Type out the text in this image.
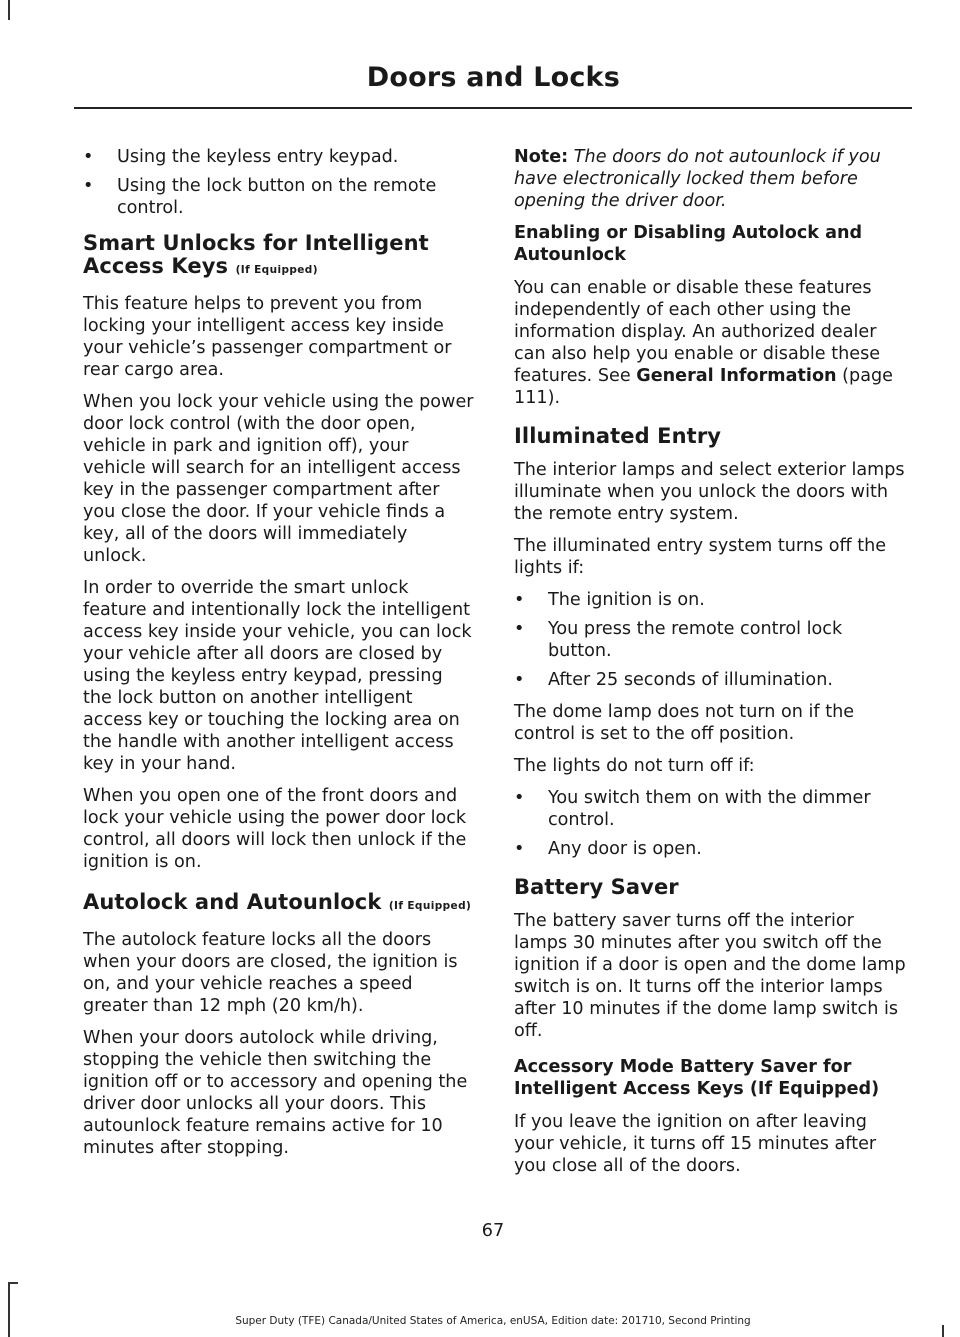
Doors and Locks
• Using the keyless entry keypad.
• Using the lock button on the remote control.
Smart Unlocks for Intelligent Access Keys (If Equipped)

This feature helps to prevent you from locking your intelligent access key inside your vehicle’s passenger compartment or rear cargo area.

When you lock your vehicle using the power door lock control (with the door open, vehicle in park and ignition off), your vehicle will search for an intelligent access key in the passenger compartment after you close the door. If your vehicle finds a key, all of the doors will immediately unlock.

In order to override the smart unlock feature and intentionally lock the intelligent access key inside your vehicle, you can lock your vehicle after all doors are closed by using the keyless entry keypad, pressing the lock button on another intelligent access key or touching the locking area on the handle with another intelligent access key in your hand.

When you open one of the front doors and lock your vehicle using the power door lock control, all doors will lock then unlock if the ignition is on.

Autolock and Autounlock (If Equipped)

The autolock feature locks all the doors when your doors are closed, the ignition is on, and your vehicle reaches a speed greater than 12 mph (20 km/h).

When your doors autolock while driving, stopping the vehicle then switching the ignition off or to accessory and opening the driver door unlocks all your doors. This autounlock feature remains active for 10 minutes after stopping.

Note: The doors do not autounlock if you have electronically locked them before opening the driver door.

Enabling or Disabling Autolock and Autounlock

You can enable or disable these features independently of each other using the information display. An authorized dealer can also help you enable or disable these features. See General Information (page 111).

Illuminated Entry

The interior lamps and select exterior lamps illuminate when you unlock the doors with the remote entry system.

The illuminated entry system turns off the lights if:

• The ignition is on.
• You press the remote control lock button.
• After 25 seconds of illumination.

The dome lamp does not turn on if the control is set to the off position.

The lights do not turn off if:

• You switch them on with the dimmer control.
• Any door is open.
Battery Saver

The battery saver turns off the interior lamps 30 minutes after you switch off the ignition if a door is open and the dome lamp switch is on. It turns off the interior lamps after 10 minutes if the dome lamp switch is off.

Accessory Mode Battery Saver for Intelligent Access Keys (If Equipped)

If you leave the ignition on after leaving your vehicle, it turns off 15 minutes after you close all of the doors.

67
Super Duty (TFE) Canada/United States of America, enUSA, Edition date: 201710, Second Printing
